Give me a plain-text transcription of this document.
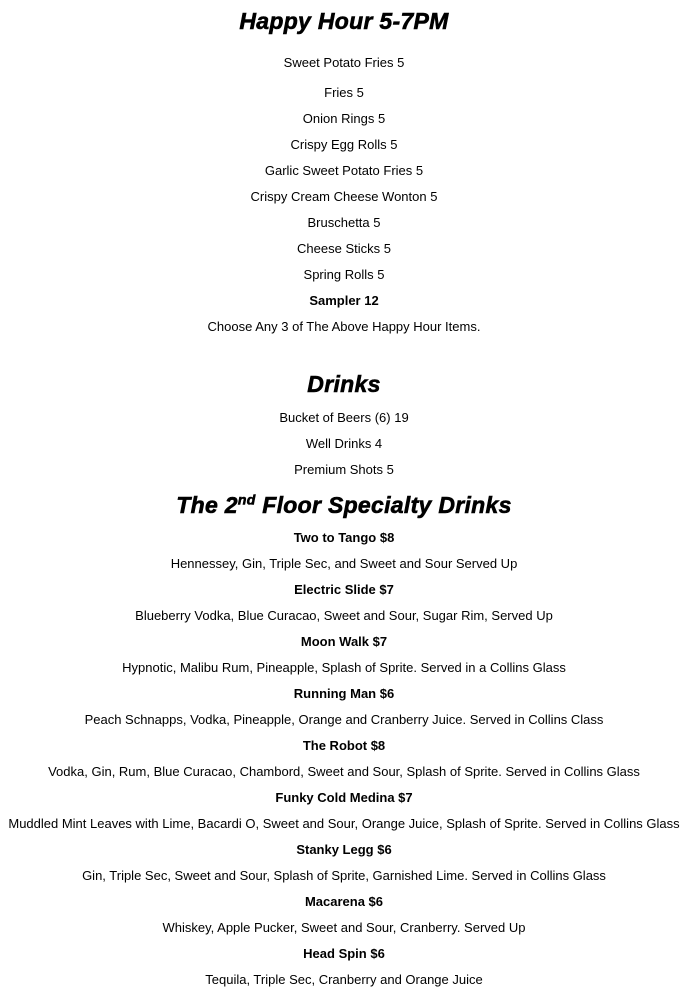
Happy Hour 5-7PM
Sweet Potato Fries 5
Fries 5
Onion Rings 5
Crispy Egg Rolls 5
Garlic Sweet Potato Fries 5
Crispy Cream Cheese Wonton 5
Bruschetta 5
Cheese Sticks 5
Spring Rolls 5
Sampler 12
Choose Any 3 of The Above Happy Hour Items.
Drinks
Bucket of Beers (6) 19
Well Drinks 4
Premium Shots 5
The 2nd Floor Specialty Drinks
Two to Tango $8
Hennessey, Gin, Triple Sec, and Sweet and Sour Served Up
Electric Slide $7
Blueberry Vodka, Blue Curacao, Sweet and Sour, Sugar Rim, Served Up
Moon Walk $7
Hypnotic, Malibu Rum, Pineapple, Splash of Sprite. Served in a Collins Glass
Running Man $6
Peach Schnapps, Vodka, Pineapple, Orange and Cranberry Juice. Served in Collins Class
The Robot $8
Vodka, Gin, Rum, Blue Curacao, Chambord, Sweet and Sour, Splash of Sprite. Served in Collins Glass
Funky Cold Medina $7
Muddled Mint Leaves with Lime, Bacardi O, Sweet and Sour, Orange Juice, Splash of Sprite. Served in Collins Glass
Stanky Legg $6
Gin, Triple Sec, Sweet and Sour, Splash of Sprite, Garnished Lime. Served in Collins Glass
Macarena $6
Whiskey, Apple Pucker, Sweet and Sour, Cranberry. Served Up
Head Spin $6
Tequila, Triple Sec, Cranberry and Orange Juice
